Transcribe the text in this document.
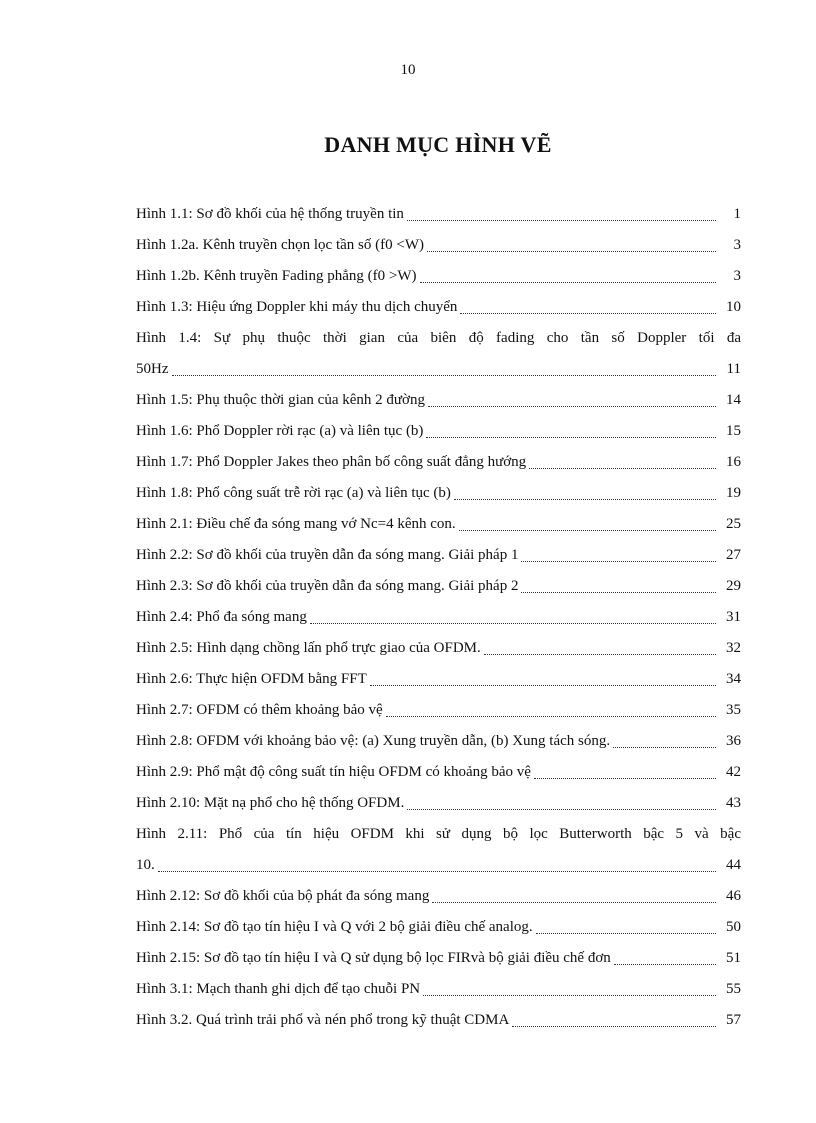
10
DANH MỤC HÌNH VẼ
Hình 1.1: Sơ đồ khối của hệ thống truyền tin	1
Hình 1.2a. Kênh truyền chọn lọc tần số (f0 <W)	3
Hình 1.2b. Kênh truyền Fading phẳng (f0 >W)	3
Hình 1.3: Hiệu ứng Doppler khi máy thu dịch chuyển	10
Hình 1.4: Sự phụ thuộc thời gian của biên độ fading cho tần số Doppler tối đa
50Hz	11
Hình 1.5: Phụ thuộc thời gian của kênh 2 đường	14
Hình 1.6: Phổ Doppler rời rạc (a) và liên tục (b)	15
Hình 1.7: Phổ Doppler Jakes theo phân bố công suất đẳng hướng	16
Hình 1.8: Phổ công suất trễ rời rạc (a) và liên tục (b)	19
Hình 2.1: Điều chế đa sóng mang vớ Nc=4 kênh con.	25
Hình 2.2: Sơ đồ khối của truyền dẫn đa sóng mang. Giải pháp 1	27
Hình 2.3: Sơ đồ khối của truyền dẫn đa sóng mang. Giải pháp 2	29
Hình 2.4: Phổ đa sóng mang	31
Hình 2.5: Hình dạng chồng lấn phổ trực giao của OFDM.	32
Hình 2.6: Thực hiện OFDM bằng FFT	34
Hình 2.7: OFDM có thêm khoảng bảo vệ	35
Hình 2.8: OFDM với khoảng bảo vệ: (a) Xung truyền dẫn, (b) Xung tách sóng.	36
Hình 2.9: Phổ mật độ công suất tín hiệu OFDM có khoảng bảo vệ	42
Hình 2.10: Mặt nạ phổ cho hệ thống OFDM.	43
Hình 2.11: Phổ của tín hiệu OFDM khi sử dụng bộ lọc Butterworth bậc 5 và bậc
10.	44
Hình 2.12: Sơ đồ khối của bộ phát đa sóng mang	46
Hình 2.14: Sơ đồ tạo tín hiệu I và Q với 2 bộ giải điều chế analog.	50
Hình 2.15: Sơ đồ tạo tín hiệu I và Q sử dụng bộ lọc FIRvà bộ giải điều chế đơn	51
Hình 3.1: Mạch thanh ghi dịch để tạo chuỗi PN	55
Hình 3.2. Quá trình trải phổ và nén phổ trong kỹ thuật CDMA	57
